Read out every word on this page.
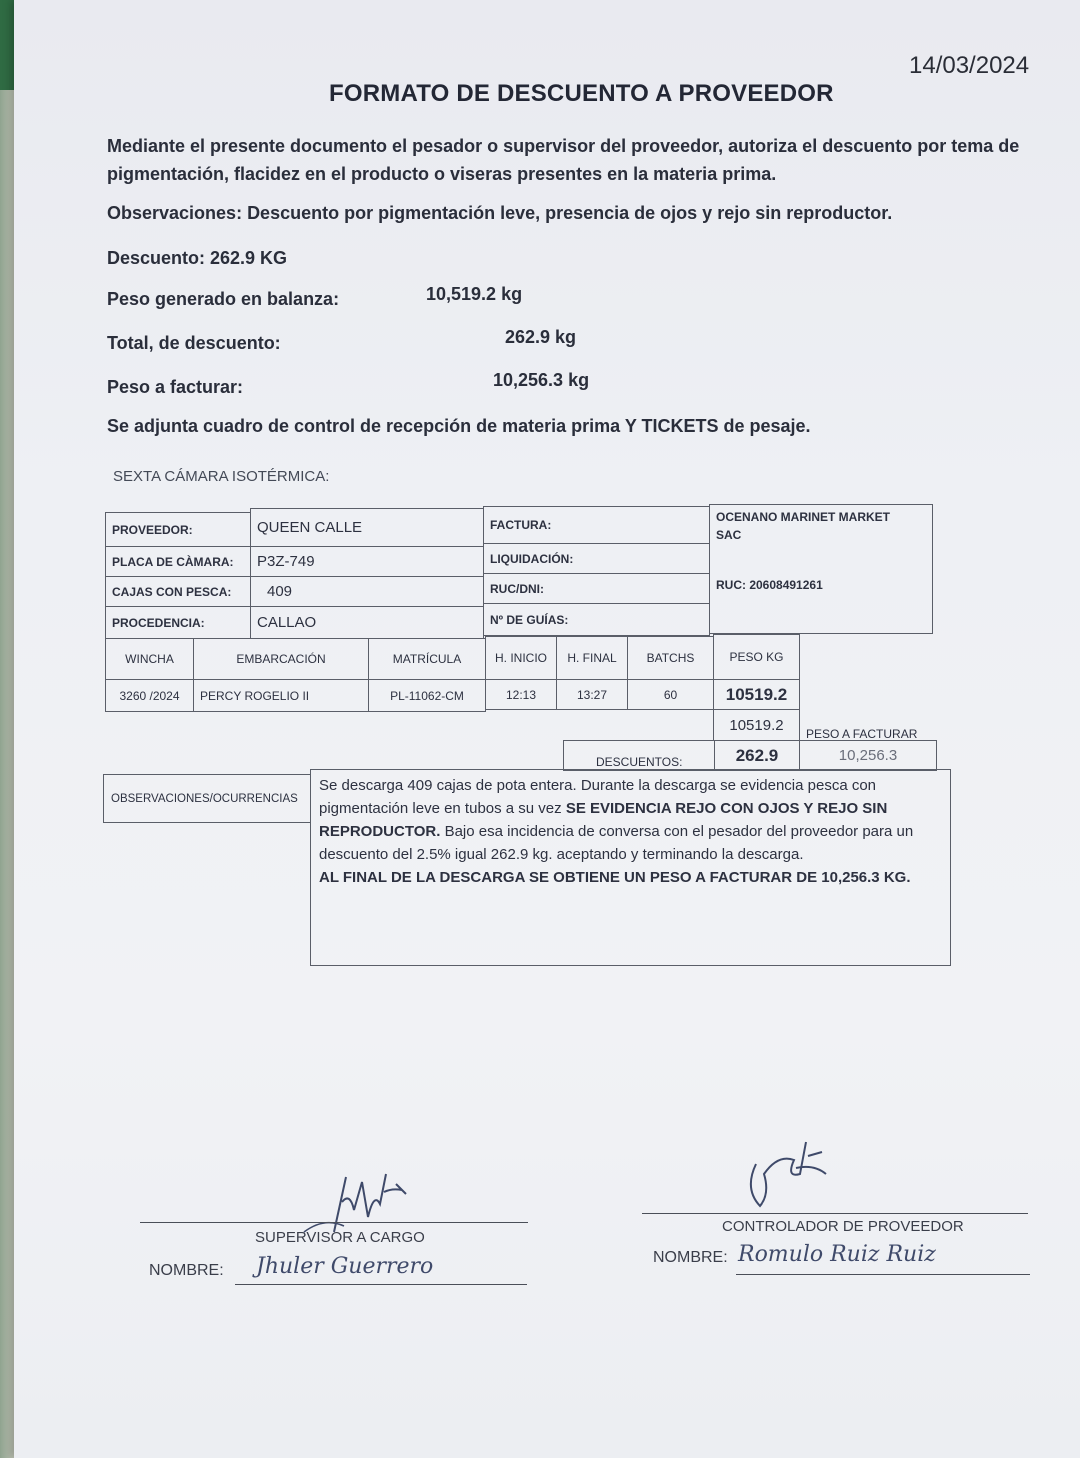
14/03/2024
FORMATO DE DESCUENTO A PROVEEDOR
Mediante el presente documento el pesador o supervisor del proveedor, autoriza el descuento por tema de pigmentación, flacidez en el producto o viseras presentes en la materia prima.
Observaciones: Descuento por pigmentación leve, presencia de ojos y rejo sin reproductor.
Descuento: 262.9 KG
Peso generado en balanza:	10,519.2 kg
Total, de descuento:	262.9 kg
Peso a facturar:	10,256.3 kg
Se adjunta cuadro de control de recepción de materia prima Y TICKETS de pesaje.
SEXTA CÁMARA ISOTÉRMICA:
PROVEEDOR:	QUEEN CALLE
PLACA DE CÀMARA:	P3Z-749
CAJAS CON PESCA:	409
PROCEDENCIA:	CALLAO
FACTURA:
LIQUIDACIÓN:
RUC/DNI:
Nº DE GUÍAS:
OCENANO MARINET MARKET SAC
RUC: 20608491261
WINCHA	EMBARCACIÓN	MATRÍCULA	H. INICIO	H. FINAL	BATCHS	PESO KG
3260 /2024	PERCY ROGELIO II	PL-11062-CM	12:13	13:27	60	10519.2
10519.2
PESO A FACTURAR
DESCUENTOS:	262.9	10,256.3
OBSERVACIONES/OCURRENCIAS
Se descarga 409 cajas de pota entera. Durante la descarga se evidencia pesca con pigmentación leve en tubos a su vez SE EVIDENCIA REJO CON OJOS Y REJO SIN REPRODUCTOR. Bajo esa incidencia de conversa con el pesador del proveedor para un descuento del 2.5% igual 262.9 kg. aceptando y terminando la descarga.
AL FINAL DE LA DESCARGA SE OBTIENE UN PESO A FACTURAR DE 10,256.3 KG.
SUPERVISOR A CARGO
NOMBRE: Jhuler Guerrero
CONTROLADOR DE PROVEEDOR
NOMBRE: Romulo Ruiz Ruiz
